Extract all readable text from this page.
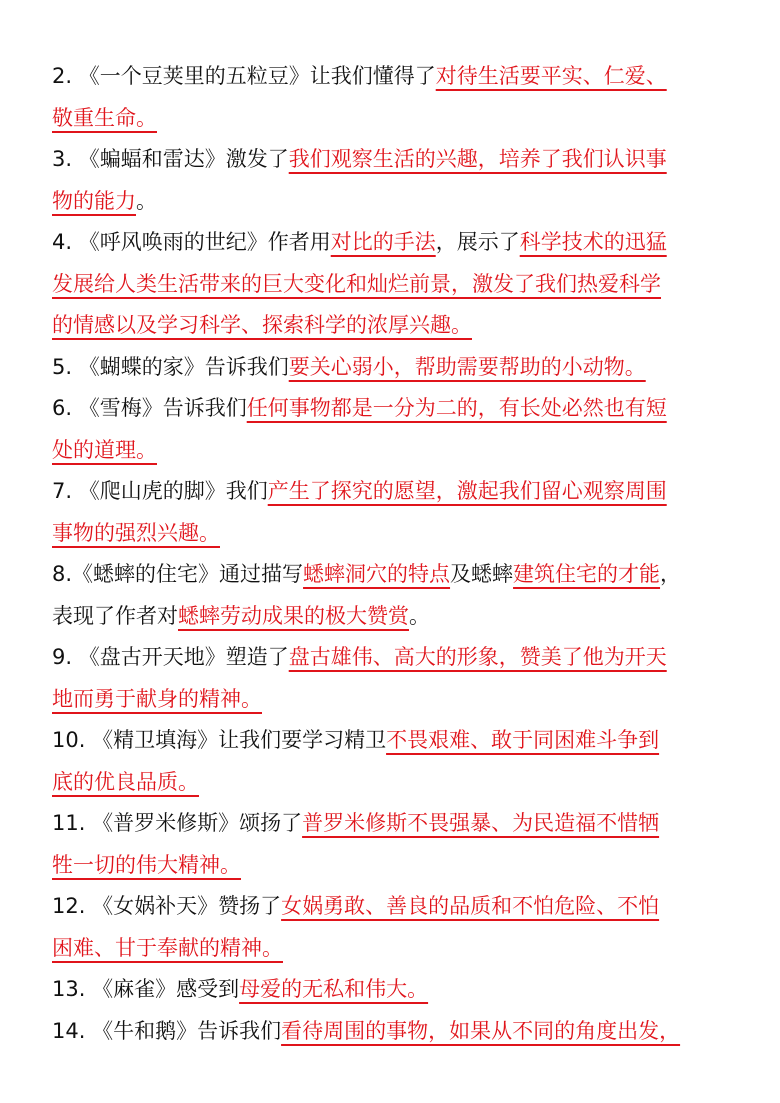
2. 《一个豆荚里的五粒豆》让我们懂得了对待生活要平实、仁爱、
敬重生命。
3. 《蝙蝠和雷达》激发了我们观察生活的兴趣，培养了我们认识事
物的能力。
4. 《呼风唤雨的世纪》作者用对比的手法，展示了科学技术的迅猛
发展给人类生活带来的巨大变化和灿烂前景，激发了我们热爱科学
的情感以及学习科学、探索科学的浓厚兴趣。
5. 《蝴蝶的家》告诉我们要关心弱小，帮助需要帮助的小动物。
6. 《雪梅》告诉我们任何事物都是一分为二的，有长处必然也有短
处的道理。
7. 《爬山虎的脚》我们产生了探究的愿望，激起我们留心观察周围
事物的强烈兴趣。
8.《蟋蟀的住宅》通过描写蟋蟀洞穴的特点及蟋蟀建筑住宅的才能，
表现了作者对蟋蟀劳动成果的极大赞赏。
9. 《盘古开天地》塑造了盘古雄伟、高大的形象，赞美了他为开天
地而勇于献身的精神。
10. 《精卫填海》让我们要学习精卫不畏艰难、敢于同困难斗争到
底的优良品质。
11. 《普罗米修斯》颂扬了普罗米修斯不畏强暴、为民造福不惜牺
牲一切的伟大精神。
12. 《女娲补天》赞扬了女娲勇敢、善良的品质和不怕危险、不怕
困难、甘于奉献的精神。
13. 《麻雀》感受到母爱的无私和伟大。
14. 《牛和鹅》告诉我们看待周围的事物，如果从不同的角度出发，
